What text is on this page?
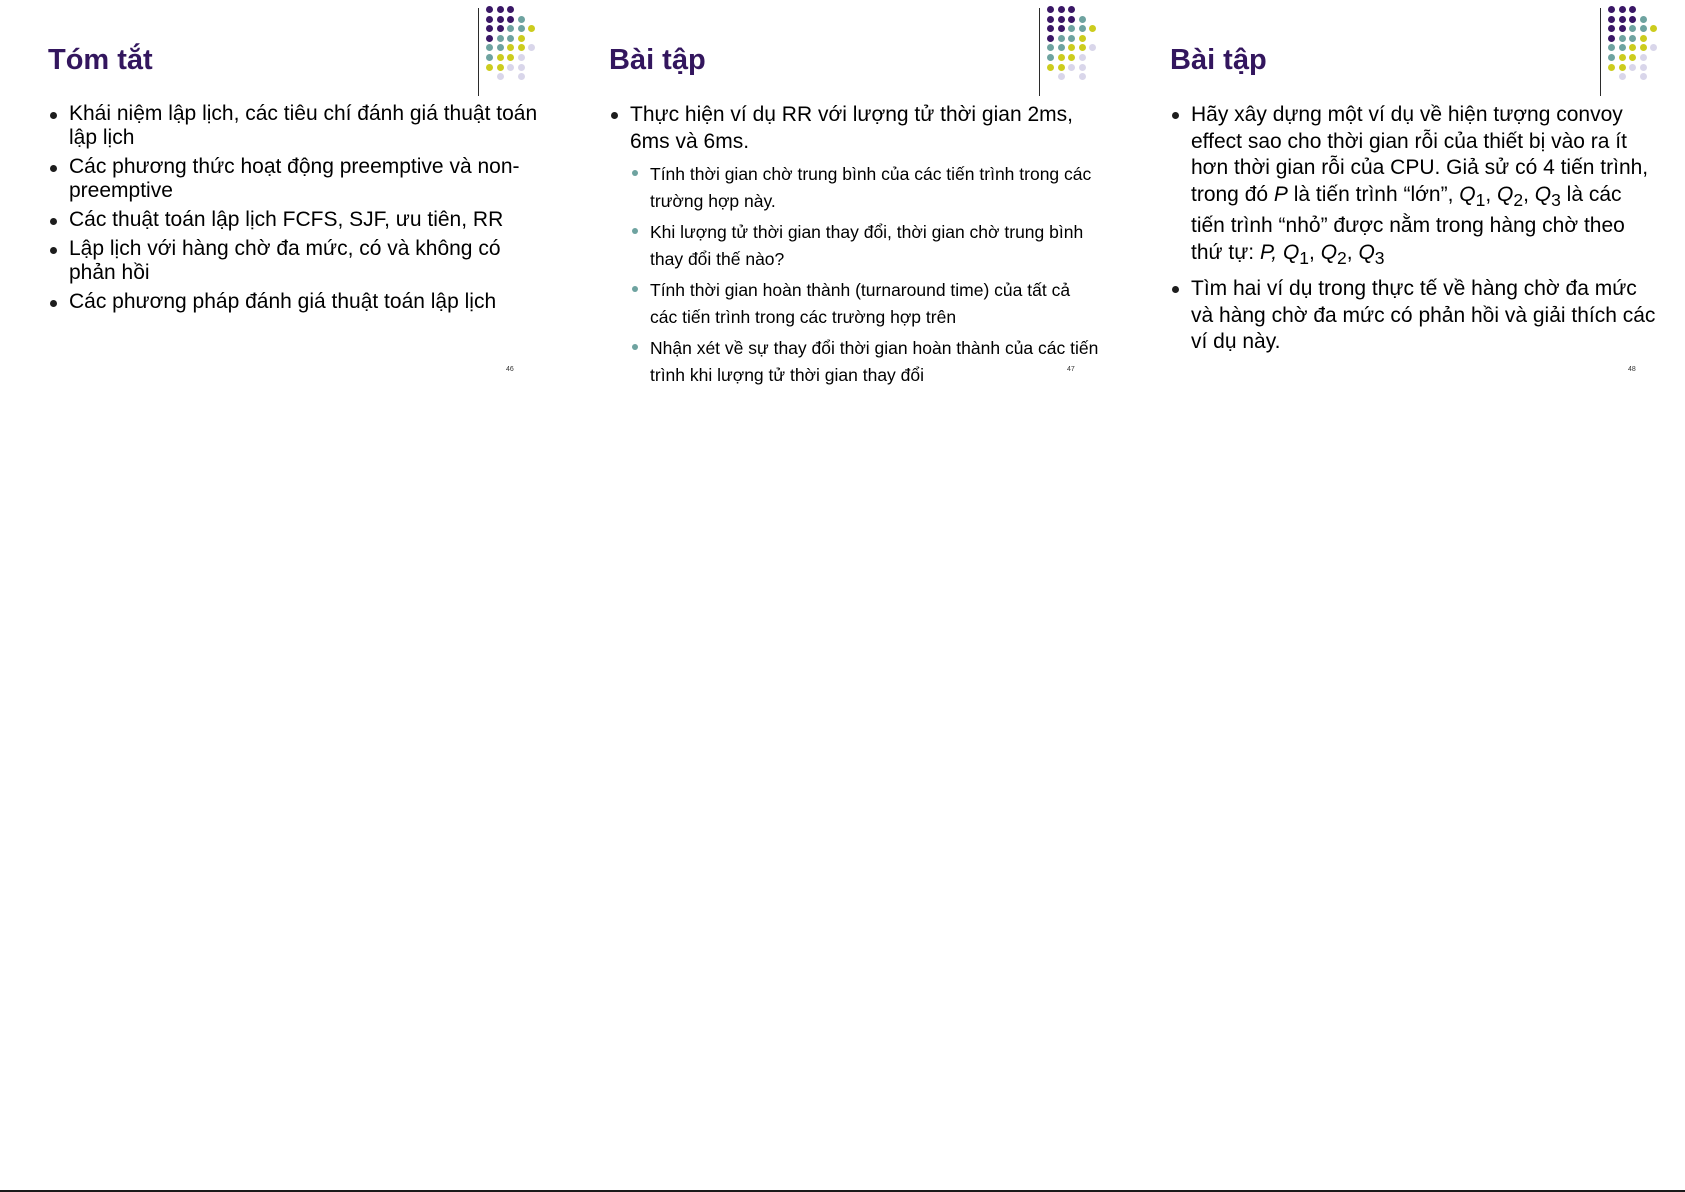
Tóm tắt
Khái niệm lập lịch, các tiêu chí đánh giá thuật toán lập lịch
Các phương thức hoạt động preemptive và non-preemptive
Các thuật toán lập lịch FCFS, SJF, ưu tiên, RR
Lập lịch với hàng chờ đa mức, có và không có phản hồi
Các phương pháp đánh giá thuật toán lập lịch
46
Bài tập
Thực hiện ví dụ RR với lượng tử thời gian 2ms, 6ms và 6ms.
Tính thời gian chờ trung bình của các tiến trình trong các trường hợp này.
Khi lượng tử thời gian thay đổi, thời gian chờ trung bình thay đổi thế nào?
Tính thời gian hoàn thành (turnaround time) của tất cả các tiến trình trong các trường hợp trên
Nhận xét về sự thay đổi thời gian hoàn thành của các tiến trình khi lượng tử thời gian thay đổi	47
Bài tập
Hãy xây dựng một ví dụ về hiện tượng convoy effect sao cho thời gian rỗi của thiết bị vào ra ít hơn thời gian rỗi của CPU. Giả sử có 4 tiến trình, trong đó P là tiến trình “lớn”, $Q_1$, $Q_2$, $Q_3$ là các tiến trình “nhỏ” được nằm trong hàng chờ theo thứ tự: P, $Q_1$, $Q_2$, $Q_3$
Tìm hai ví dụ trong thực tế về hàng chờ đa mức và hàng chờ đa mức có phản hồi và giải thích các ví dụ này.
48
